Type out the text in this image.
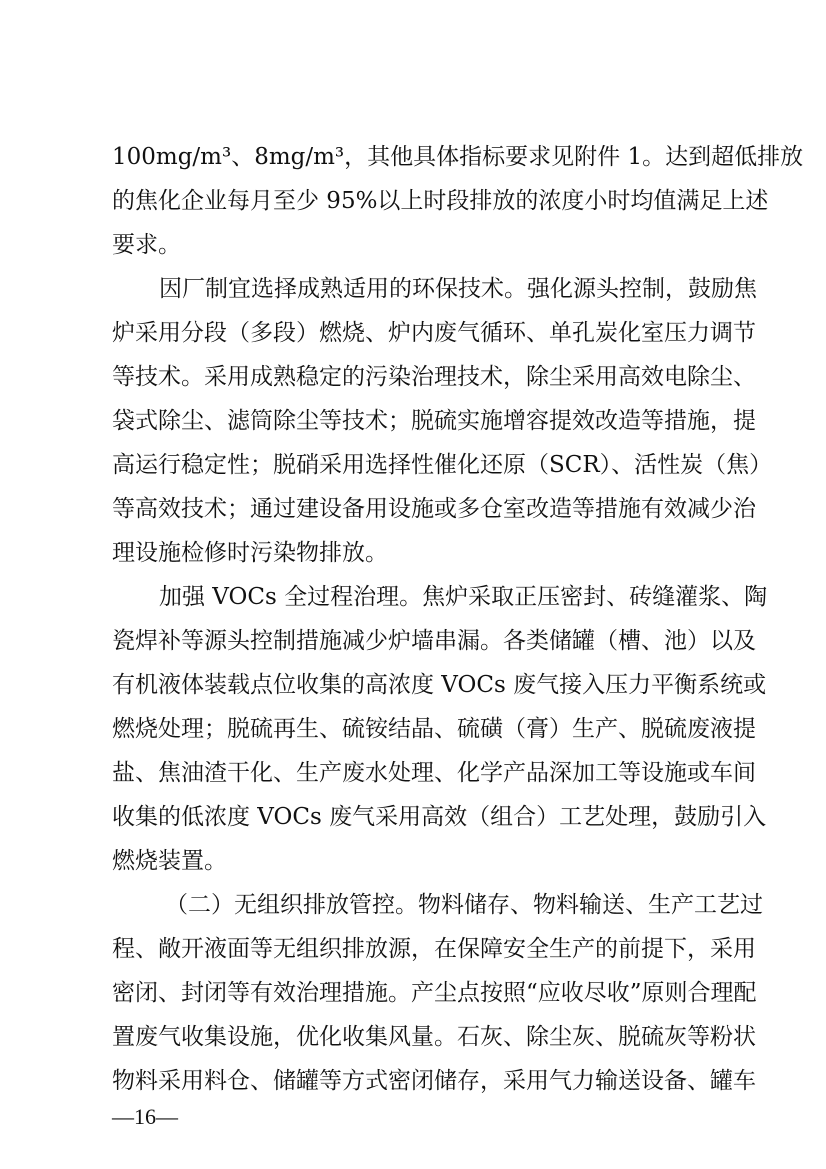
100mg/m³、8mg/m³，其他具体指标要求见附件 1。达到超低排放
的焦化企业每月至少 95%以上时段排放的浓度小时均值满足上述
要求。
因厂制宜选择成熟适用的环保技术。强化源头控制，鼓励焦
炉采用分段（多段）燃烧、炉内废气循环、单孔炭化室压力调节
等技术。采用成熟稳定的污染治理技术，除尘采用高效电除尘、
袋式除尘、滤筒除尘等技术；脱硫实施增容提效改造等措施，提
高运行稳定性；脱硝采用选择性催化还原（SCR）、活性炭（焦）
等高效技术；通过建设备用设施或多仓室改造等措施有效减少治
理设施检修时污染物排放。
加强 VOCs 全过程治理。焦炉采取正压密封、砖缝灌浆、陶
瓷焊补等源头控制措施减少炉墙串漏。各类储罐（槽、池）以及
有机液体装载点位收集的高浓度 VOCs 废气接入压力平衡系统或
燃烧处理；脱硫再生、硫铵结晶、硫磺（膏）生产、脱硫废液提
盐、焦油渣干化、生产废水处理、化学产品深加工等设施或车间
收集的低浓度 VOCs 废气采用高效（组合）工艺处理，鼓励引入
燃烧装置。
（二）无组织排放管控。物料储存、物料输送、生产工艺过
程、敞开液面等无组织排放源，在保障安全生产的前提下，采用
密闭、封闭等有效治理措施。产尘点按照“应收尽收”原则合理配
置废气收集设施，优化收集风量。石灰、除尘灰、脱硫灰等粉状
物料采用料仓、储罐等方式密闭储存，采用气力输送设备、罐车
—16—
